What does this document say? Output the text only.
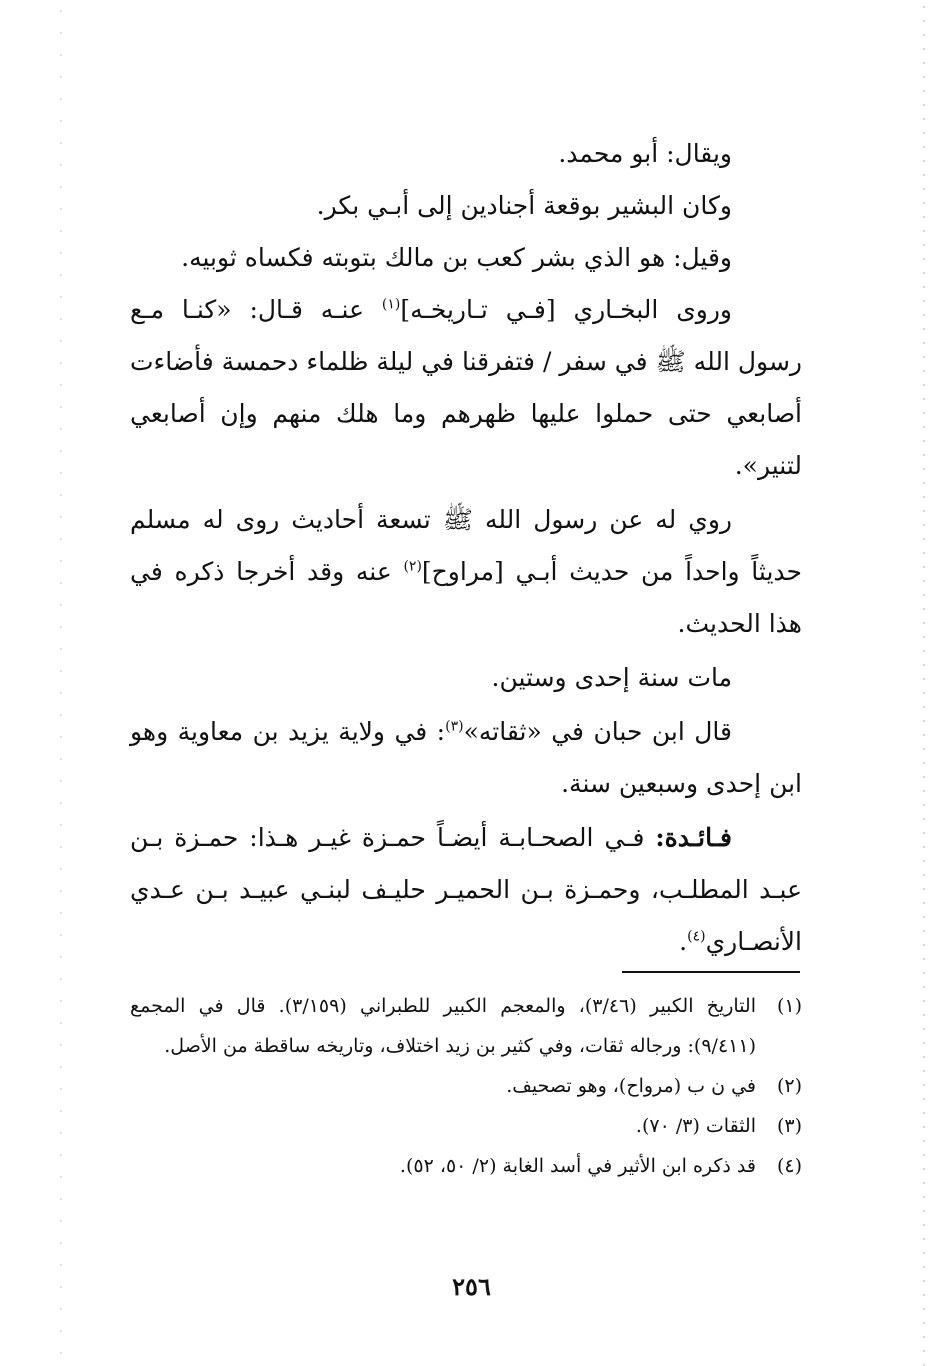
ويقال: أبو محمد.

وكان البشير بوقعة أجنادين إلى أبـي بكر.

وقيل: هو الذي بشر كعب بن مالك بتوبته فكساه ثوبيه.

وروى البخـاري [فـي تـاريخـه]$^{(١)}$ عنـه قـال: «كنـا مـع رسول الله ﷺ في سفر / فتفرقنا في ليلة ظلماء دحمسة فأضاءت أصابعي حتى حملوا عليها ظهرهم وما هلك منهم وإن أصابعي لتنير».

روي له عن رسول الله ﷺ تسعة أحاديث روى له مسلم حديثاً واحداً من حديث أبـي [مراوح]$^{(٢)}$ عنه وقد أخرجا ذكره في هذا الحديث.

مات سنة إحدى وستين.

قال ابن حبان في «ثقاته»$^{(٣)}$: في ولاية يزيد بن معاوية وهو ابن إحدى وسبعين سنة.

فـائـدة: فـي الصحـابـة أيضـاً حمـزة غيـر هـذا: حمـزة بـن عبـد المطلـب، وحمـزة بـن الحميـر حليـف لبنـي عبيـد بـن عـدي الأنصـاري$^{(٤)}$.

(١)
التاريخ الكبير (٣/٤٦)، والمعجم الكبير للطبراني (٣/١٥٩). قال في المجمع (٩/٤١١): ورجاله ثقات، وفي كثير بن زيد اختلاف، وتاريخه ساقطة من الأصل.
(٢)
في ن ب (مرواح)، وهو تصحيف.
(٣)
الثقات (٣/ ٧٠).
(٤)
قد ذكره ابن الأثير في أسد الغابة (٢/ ٥٠، ٥٢).
٢٥٦
